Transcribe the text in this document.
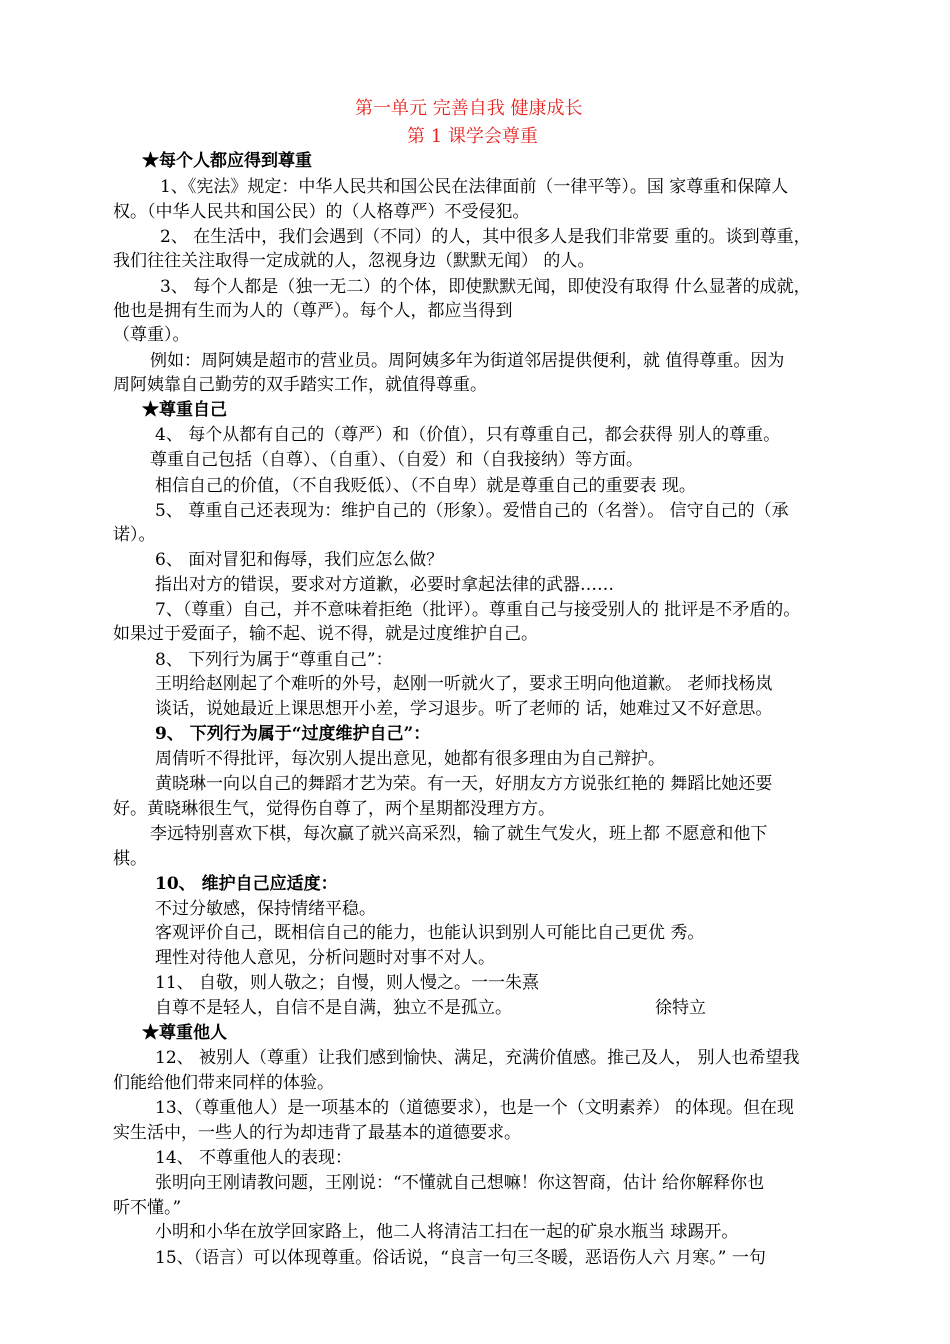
第一单元 完善自我 健康成长
第 1 课学会尊重
★每个人都应得到尊重
1、《宪法》规定：中华人民共和国公民在法律面前（一律平等）。国 家尊重和保障人
权。（中华人民共和国公民）的（人格尊严）不受侵犯。
2、 在生活中，我们会遇到（不同）的人，其中很多人是我们非常要 重的。谈到尊重，
我们往往关注取得一定成就的人，忽视身边（默默无闻） 的人。
3、 每个人都是（独一无二）的个体，即使默默无闻，即使没有取得 什么显著的成就，
他也是拥有生而为人的（尊严）。每个人，都应当得到
（尊重）。
例如：周阿姨是超市的营业员。周阿姨多年为街道邻居提供便利，就 值得尊重。因为
周阿姨靠自己勤劳的双手踏实工作，就值得尊重。
★尊重自己
4、 每个从都有自己的（尊严）和（价值），只有尊重自己，都会获得 别人的尊重。
尊重自己包括（自尊）、（自重）、（自爱）和（自我接纳）等方面。
相信自己的价值，（不自我贬低）、（不自卑）就是尊重自己的重要表 现。
5、 尊重自己还表现为：维护自己的（形象）。爱惜自己的（名誉）。 信守自己的（承
诺）。
6、 面对冒犯和侮辱，我们应怎么做？
指出对方的错误，要求对方道歉，必要时拿起法律的武器……
7、（尊重）自己，并不意味着拒绝（批评）。尊重自己与接受别人的 批评是不矛盾的。
如果过于爱面子，输不起、说不得，就是过度维护自己。
8、 下列行为属于“尊重自己”：
王明给赵刚起了个难听的外号，赵刚一听就火了，要求王明向他道歉。 老师找杨岚
谈话，说她最近上课思想开小差，学习退步。听了老师的 话，她难过又不好意思。
9、 下列行为属于“过度维护自己”：
周倩听不得批评，每次别人提出意见，她都有很多理由为自己辩护。
黄晓琳一向以自己的舞蹈才艺为荣。有一天，好朋友方方说张红艳的 舞蹈比她还要
好。黄晓琳很生气，觉得伤自尊了，两个星期都没理方方。
李远特别喜欢下棋，每次赢了就兴高采烈，输了就生气发火，班上都 不愿意和他下
棋。
10、 维护自己应适度：
不过分敏感，保持情绪平稳。
客观评价自己，既相信自己的能力，也能认识到别人可能比自己更优 秀。
理性对待他人意见，分析问题时对事不对人。
11、 自敬，则人敬之；自慢，则人慢之。一一朱熹
自尊不是轻人，自信不是自满，独立不是孤立。	徐特立
★尊重他人
12、 被别人（尊重）让我们感到愉快、满足，充满价值感。推己及人， 别人也希望我
们能给他们带来同样的体验。
13、（尊重他人）是一项基本的（道德要求），也是一个（文明素养） 的体现。但在现
实生活中，一些人的行为却违背了最基本的道德要求。
14、 不尊重他人的表现：
张明向王刚请教问题，王刚说：“不懂就自己想嘛！你这智商，估计 给你解释你也
听不懂。”
小明和小华在放学回家路上，他二人将清洁工扫在一起的矿泉水瓶当 球踢开。
15、（语言）可以体现尊重。俗话说，“良言一句三冬暖，恶语伤人六 月寒。” 一句
